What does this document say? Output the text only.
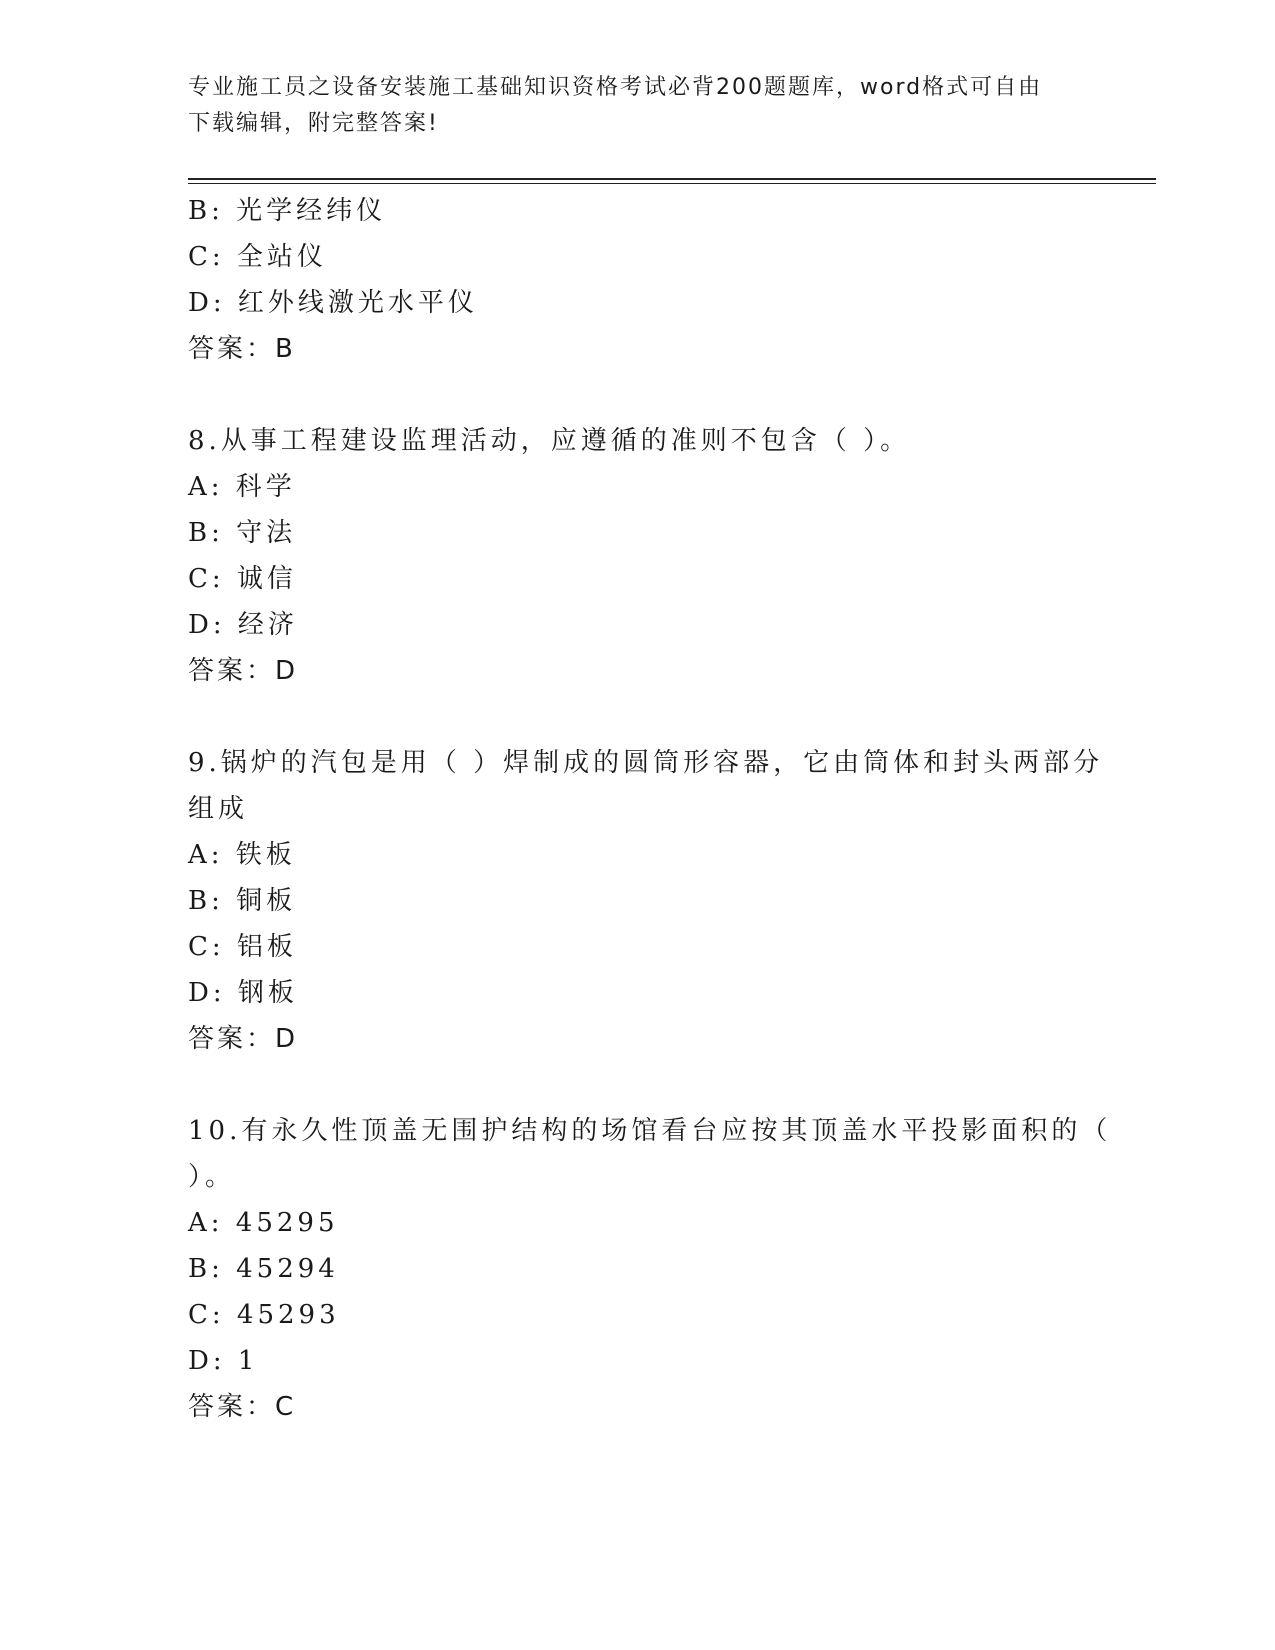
专业施工员之设备安装施工基础知识资格考试必背200题题库，word格式可自由
下载编辑，附完整答案!
B: 光学经纬仪
C: 全站仪
D: 红外线激光水平仪
答案：B
8.从事工程建设监理活动，应遵循的准则不包含（ ）。
A: 科学
B: 守法
C: 诚信
D: 经济
答案：D
9.锅炉的汽包是用（ ）焊制成的圆筒形容器，它由筒体和封头两部分
组成
A: 铁板
B: 铜板
C: 铝板
D: 钢板
答案：D
10.有永久性顶盖无围护结构的场馆看台应按其顶盖水平投影面积的（
）。
A: 45295
B: 45294
C: 45293
D: 1
答案：C
